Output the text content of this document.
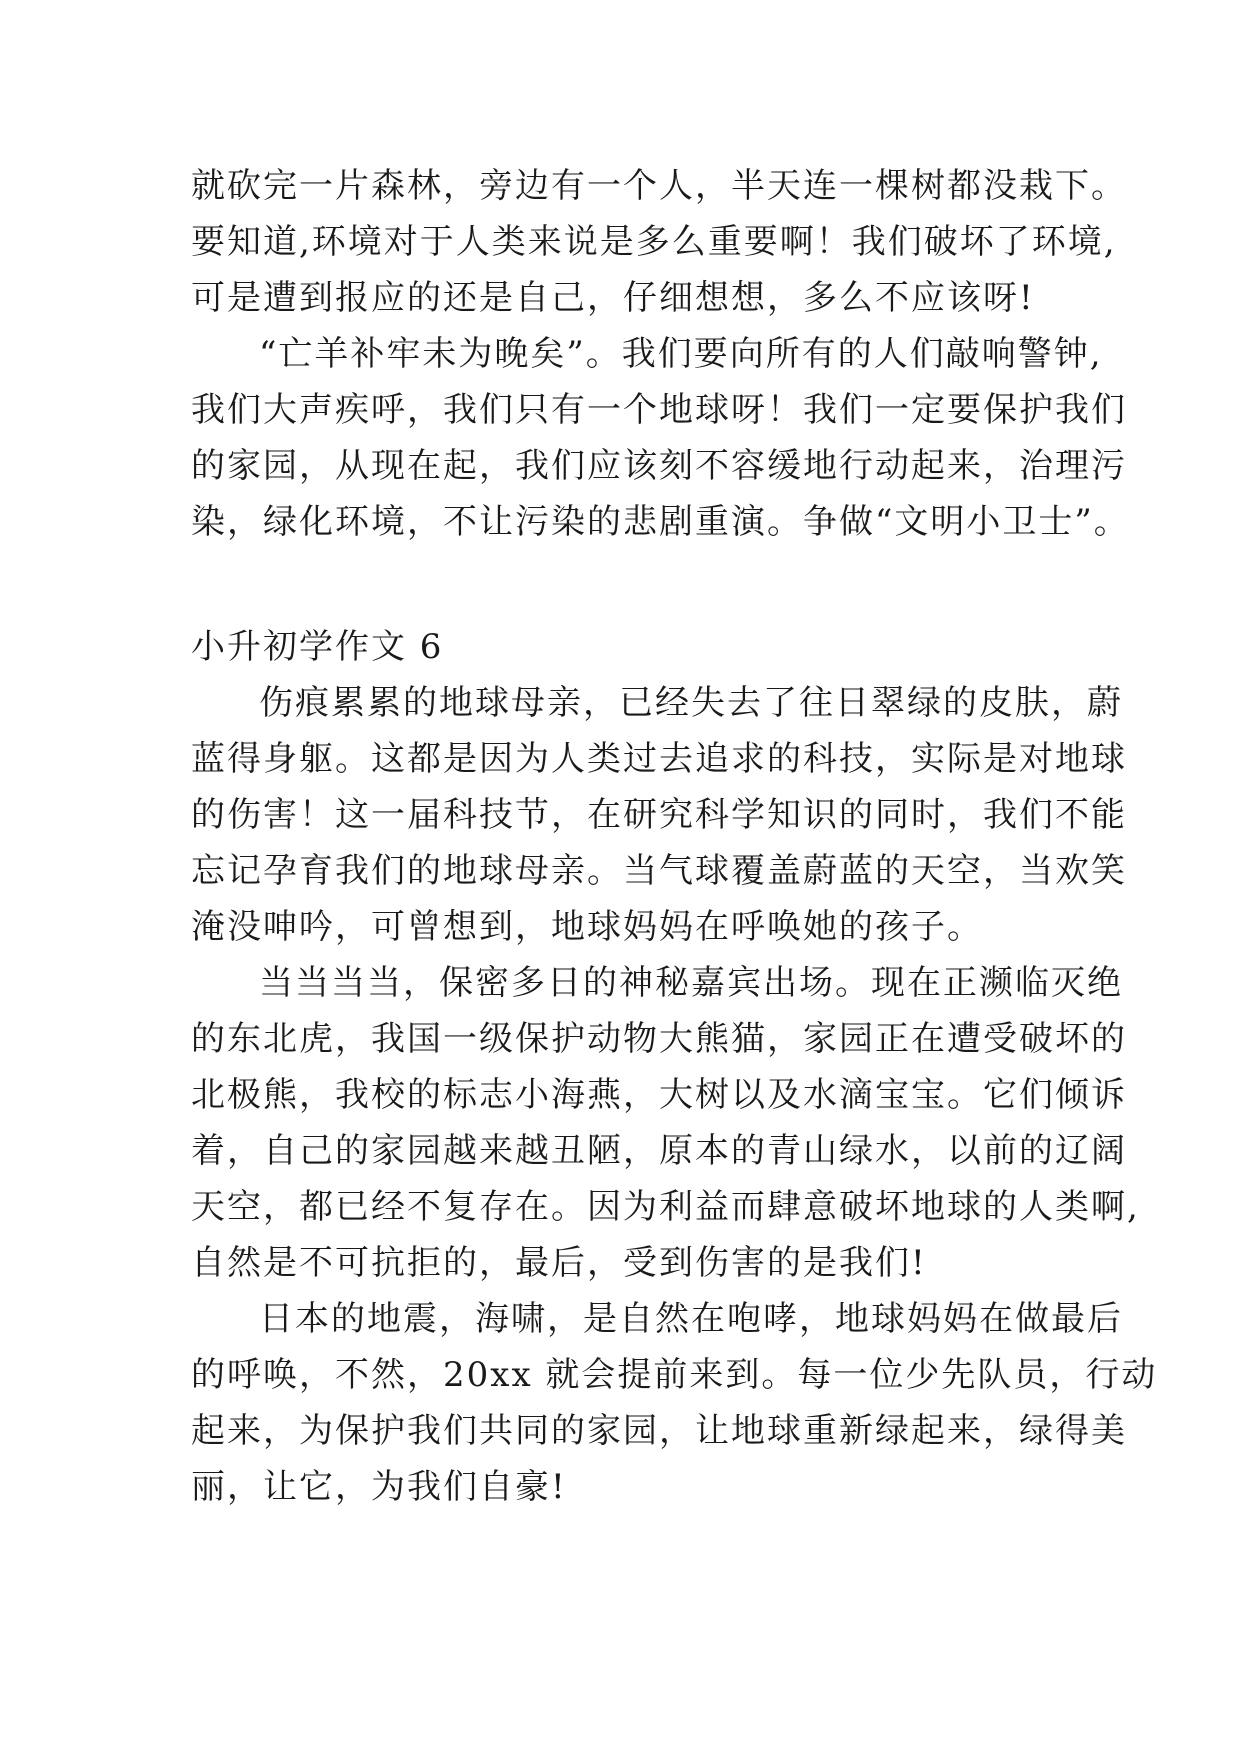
就砍完一片森林，旁边有一个人，半天连一棵树都没栽下。
要知道,环境对于人类来说是多么重要啊！我们破坏了环境,
可是遭到报应的还是自己，仔细想想，多么不应该呀!
“亡羊补牢未为晚矣”。我们要向所有的人们敲响警钟,
我们大声疾呼，我们只有一个地球呀！我们一定要保护我们
的家园，从现在起，我们应该刻不容缓地行动起来，治理污
染，绿化环境，不让污染的悲剧重演。争做“文明小卫士”。
小升初学作文 6
伤痕累累的地球母亲，已经失去了往日翠绿的皮肤，蔚
蓝得身躯。这都是因为人类过去追求的科技，实际是对地球
的伤害！这一届科技节，在研究科学知识的同时，我们不能
忘记孕育我们的地球母亲。当气球覆盖蔚蓝的天空，当欢笑
淹没呻吟，可曾想到，地球妈妈在呼唤她的孩子。
当当当当，保密多日的神秘嘉宾出场。现在正濒临灭绝
的东北虎，我国一级保护动物大熊猫，家园正在遭受破坏的
北极熊，我校的标志小海燕，大树以及水滴宝宝。它们倾诉
着，自己的家园越来越丑陋，原本的青山绿水，以前的辽阔
天空，都已经不复存在。因为利益而肆意破坏地球的人类啊,
自然是不可抗拒的，最后，受到伤害的是我们!
日本的地震，海啸，是自然在咆哮，地球妈妈在做最后
的呼唤，不然，20xx 就会提前来到。每一位少先队员，行动
起来，为保护我们共同的家园，让地球重新绿起来，绿得美
丽，让它，为我们自豪!
